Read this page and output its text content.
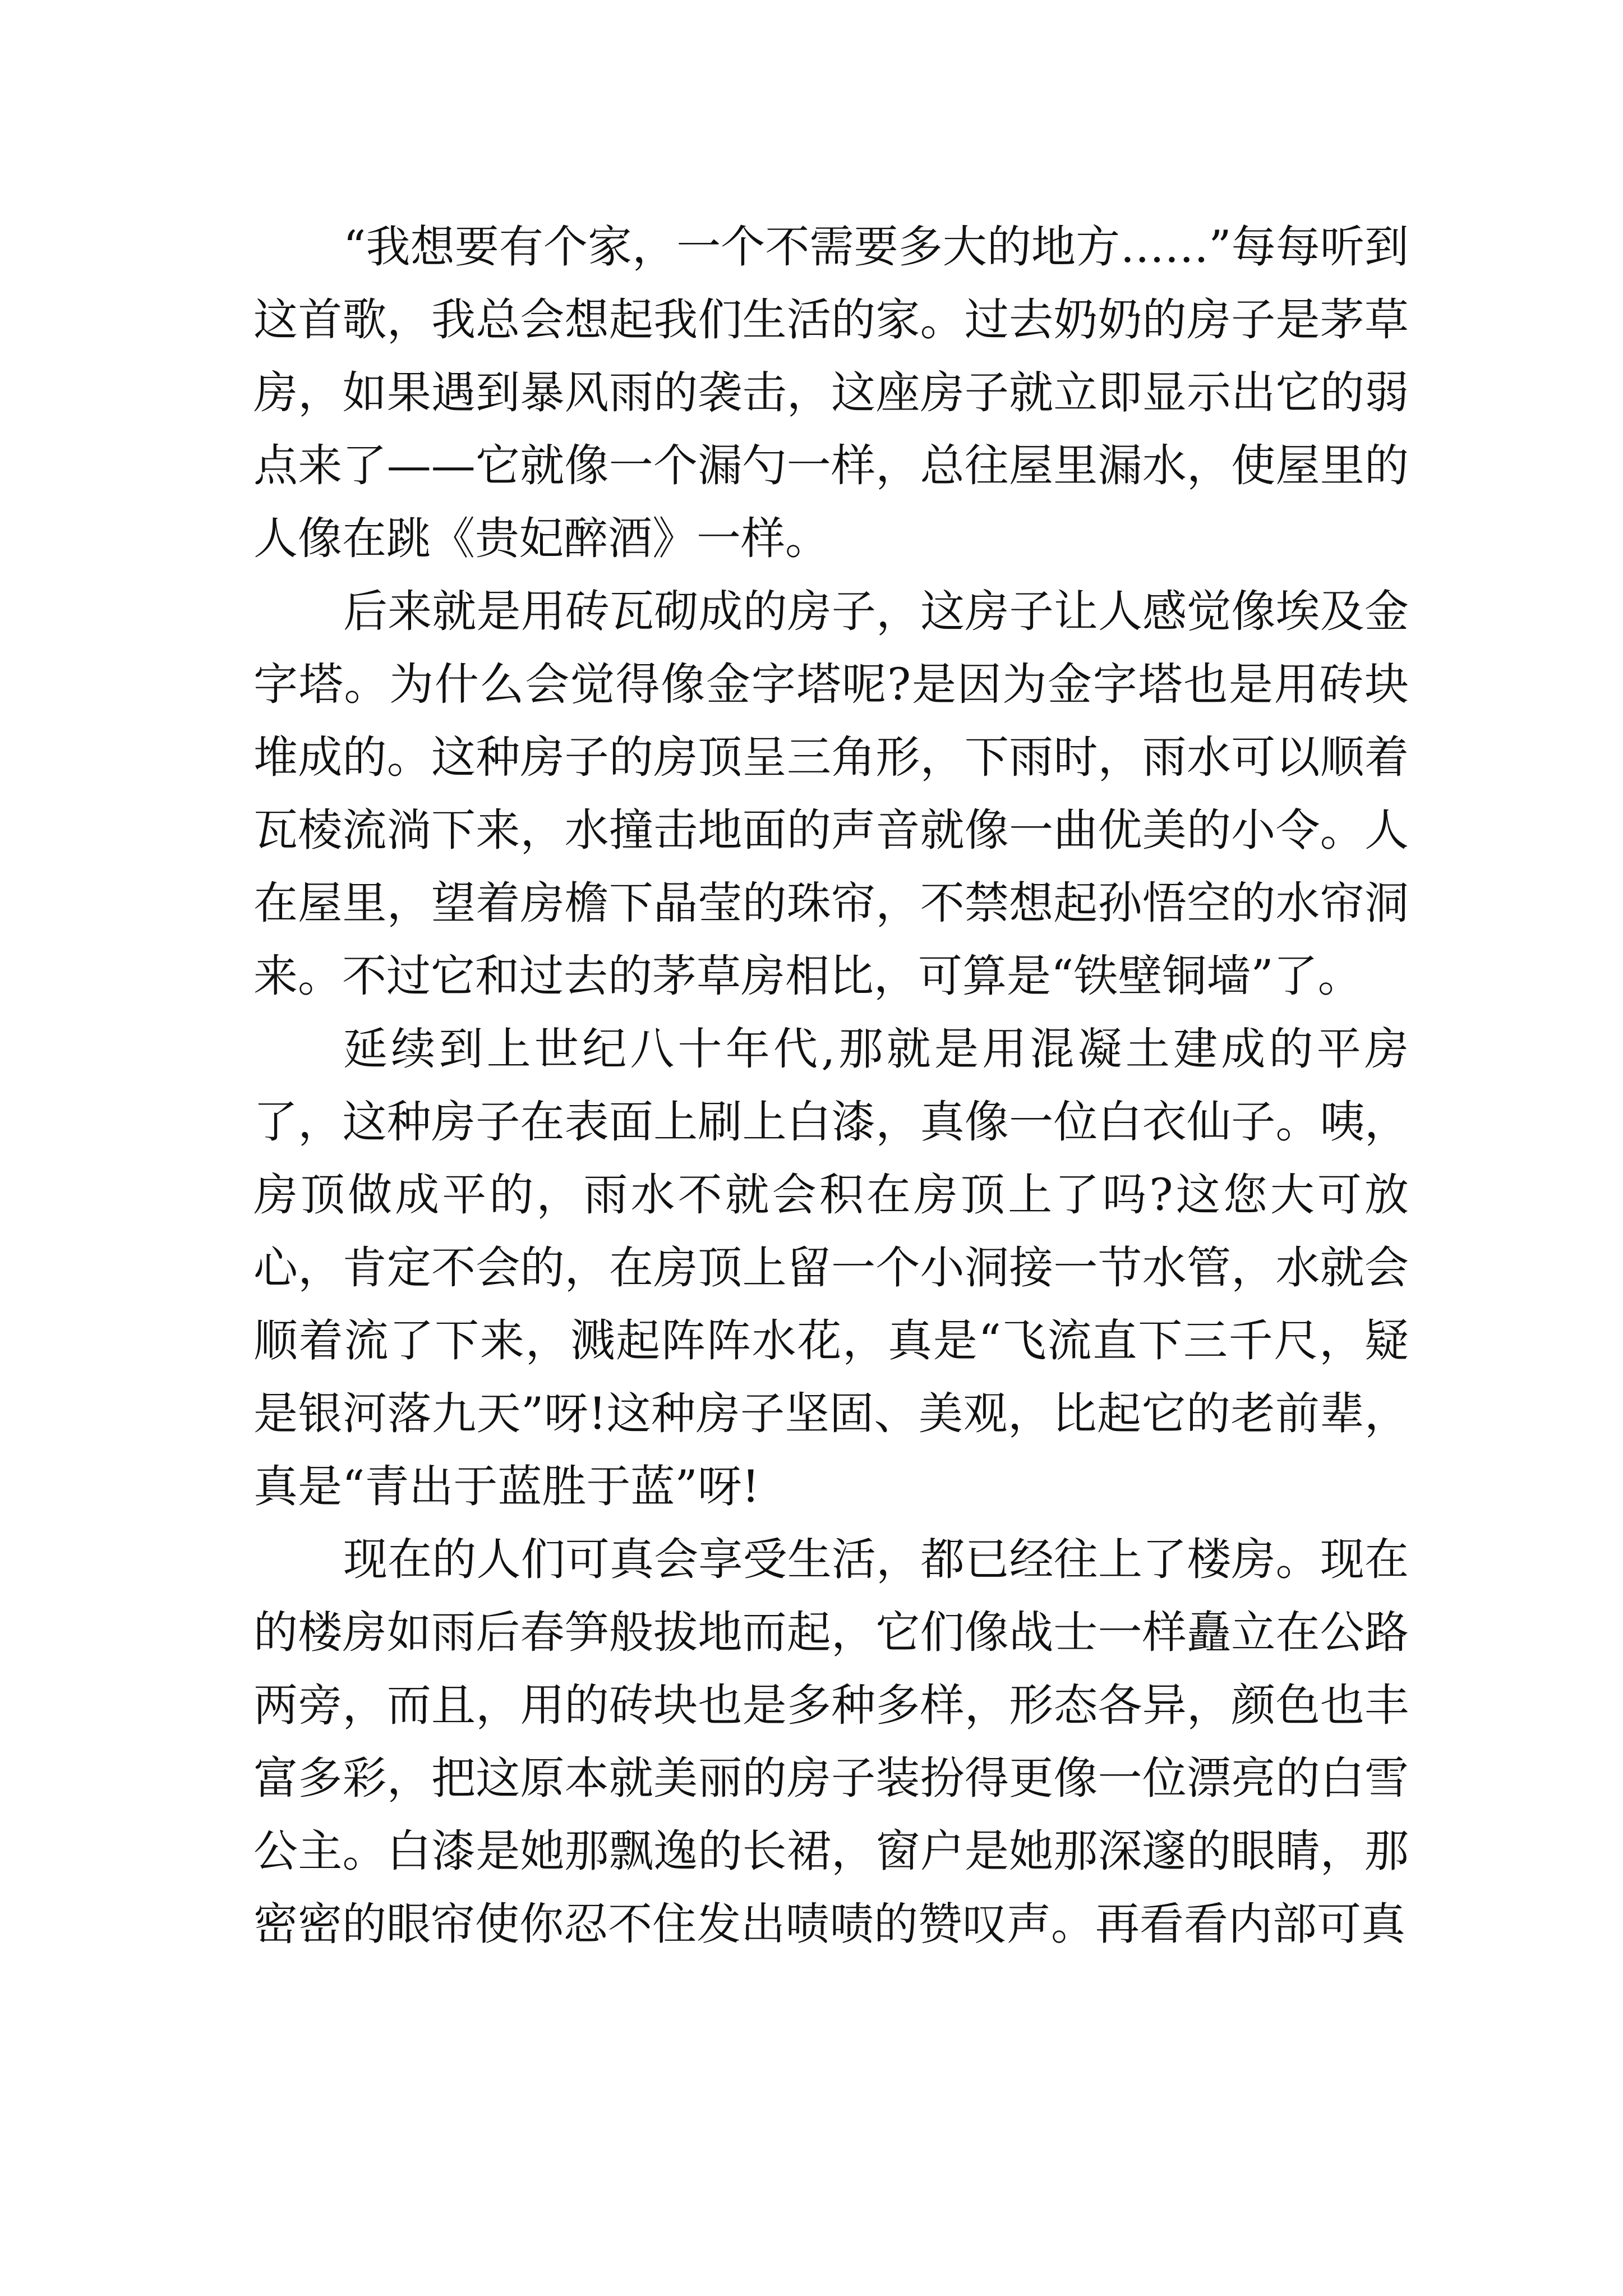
“我想要有个家，一个不需要多大的地方……”每每听到这首歌，我总会想起我们生活的家。过去奶奶的房子是茅草房，如果遇到暴风雨的袭击，这座房子就立即显示出它的弱点来了——它就像一个漏勺一样，总往屋里漏水，使屋里的人像在跳《贵妃醉酒》一样。

后来就是用砖瓦砌成的房子，这房子让人感觉像埃及金字塔。为什么会觉得像金字塔呢?是因为金字塔也是用砖块堆成的。这种房子的房顶呈三角形，下雨时，雨水可以顺着瓦棱流淌下来，水撞击地面的声音就像一曲优美的小令。人在屋里，望着房檐下晶莹的珠帘，不禁想起孙悟空的水帘洞来。不过它和过去的茅草房相比，可算是“铁壁铜墙”了。

延续到上世纪八十年代,那就是用混凝土建成的平房了，这种房子在表面上刷上白漆，真像一位白衣仙子。咦，房顶做成平的，雨水不就会积在房顶上了吗?这您大可放心，肯定不会的，在房顶上留一个小洞接一节水管，水就会顺着流了下来，溅起阵阵水花，真是“飞流直下三千尺，疑是银河落九天”呀!这种房子坚固、美观，比起它的老前辈，真是“青出于蓝胜于蓝”呀!

现在的人们可真会享受生活，都已经往上了楼房。现在的楼房如雨后春笋般拔地而起，它们像战士一样矗立在公路两旁，而且，用的砖块也是多种多样，形态各异，颜色也丰富多彩，把这原本就美丽的房子装扮得更像一位漂亮的白雪公主。白漆是她那飘逸的长裙，窗户是她那深邃的眼睛，那密密的眼帘使你忍不住发出啧啧的赞叹声。再看看内部可真
